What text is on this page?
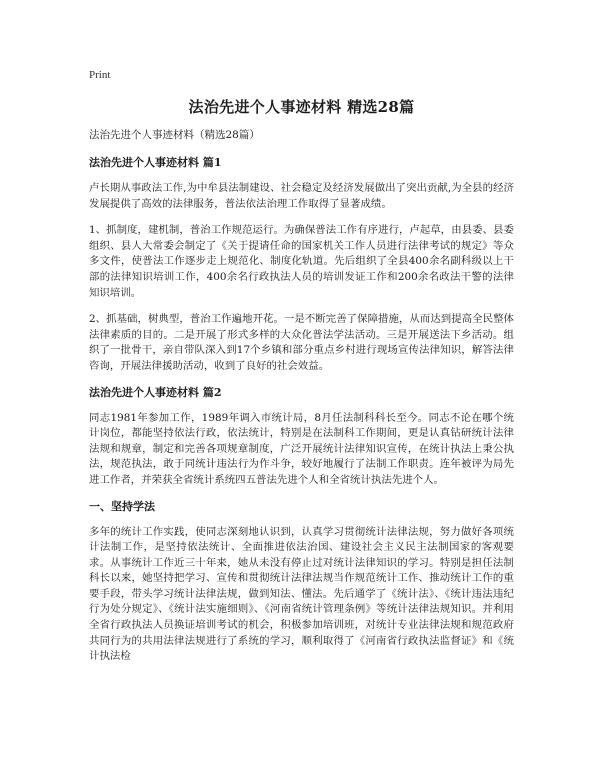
Print
法治先进个人事迹材料 精选28篇

法治先进个人事迹材料（精选28篇）

法治先进个人事迹材料 篇1

卢长期从事政法工作,为中牟县法制建设、社会稳定及经济发展做出了突出贡献,为全县的经济发展提供了高效的法律服务，普法依法治理工作取得了显著成绩。

1、抓制度，建机制，普治工作规范运行。为确保普法工作有序进行，卢起草，由县委、县委组织、县人大常委会制定了《关于提请任命的国家机关工作人员进行法律考试的规定》等众多文件，使普法工作逐步走上规范化、制度化轨道。先后组织了全县400余名副科级以上干部的法律知识培训工作，400余名行政执法人员的培训发证工作和200余名政法干警的法律知识培训。

2、抓基础，树典型，普治工作遍地开花。一是不断完善了保障措施，从而达到提高全民整体法律素质的目的。二是开展了形式多样的大众化普法学法活动。三是开展送法下乡活动。组织了一批骨干，亲自带队深入到17个乡镇和部分重点乡村进行现场宣传法律知识，解答法律咨询，开展法律援助活动，收到了良好的社会效益。

法治先进个人事迹材料 篇2

同志1981年参加工作，1989年调入市统计局，8月任法制科科长至今。同志不论在哪个统计岗位，都能坚持依法行政，依法统计，特别是在法制科工作期间，更是认真钻研统计法律法规和规章，制定和完善各项规章制度，广泛开展统计法律知识宣传，在统计执法上秉公执法，规范执法，敢于同统计违法行为作斗争，较好地履行了法制工作职责。连年被评为局先进工作者，并荣获全省统计系统四五普法先进个人和全省统计执法先进个人。

一、坚持学法

多年的统计工作实践，使同志深刻地认识到，认真学习贯彻统计法律法规，努力做好各项统计法制工作，是坚持依法统计、全面推进依法治国、建设社会主义民主法制国家的客观要求。从事统计工作近三十年来，她从未没有停止过对统计法律知识的学习。特别是担任法制科长以来，她坚持把学习、宣传和贯彻统计法律法规当作规范统计工作、推动统计工作的重要手段，带头学习统计法律法规，做到知法、懂法。先后通学了《统计法》、《统计违法违纪行为处分规定》、《统计法实施细则》、《河南省统计管理条例》等统计法律法规知识。并利用全省行政执法人员换证培训考试的机会，积极参加培训班，对统计专业法律法规和规范政府共同行为的共用法律法规进行了系统的学习，顺利取得了《河南省行政执法监督证》和《统计执法检
